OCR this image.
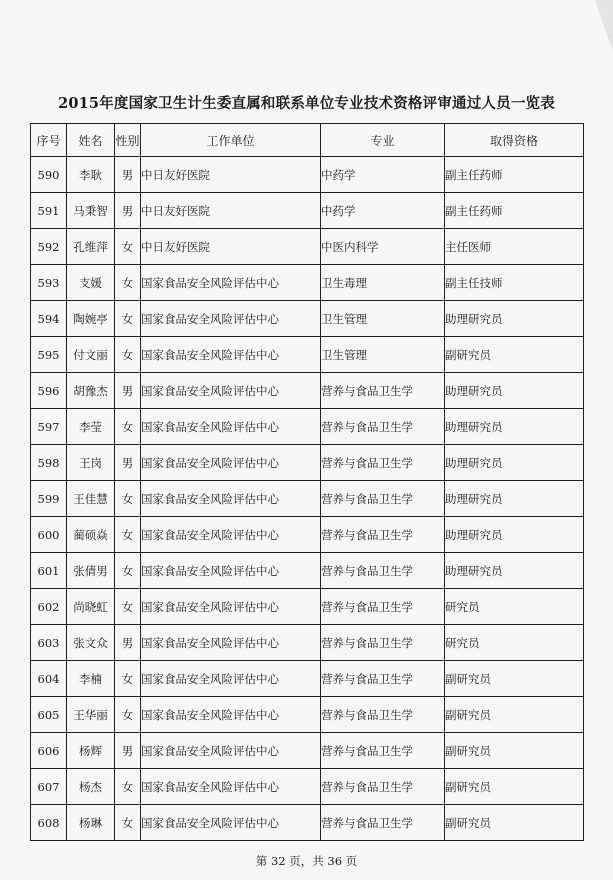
2015年度国家卫生计生委直属和联系单位专业技术资格评审通过人员一览表
序号	姓名	性别	工作单位	专业	取得资格
590	李耿	男	中日友好医院	中药学	副主任药师
591	马秉智	男	中日友好医院	中药学	副主任药师
592	孔维萍	女	中日友好医院	中医内科学	主任医师
593	支媛	女	国家食品安全风险评估中心	卫生毒理	副主任技师
594	陶婉亭	女	国家食品安全风险评估中心	卫生管理	助理研究员
595	付文丽	女	国家食品安全风险评估中心	卫生管理	副研究员
596	胡豫杰	男	国家食品安全风险评估中心	营养与食品卫生学	助理研究员
597	李莹	女	国家食品安全风险评估中心	营养与食品卫生学	助理研究员
598	王岗	男	国家食品安全风险评估中心	营养与食品卫生学	助理研究员
599	王佳慧	女	国家食品安全风险评估中心	营养与食品卫生学	助理研究员
600	蔺硕焱	女	国家食品安全风险评估中心	营养与食品卫生学	助理研究员
601	张倩男	女	国家食品安全风险评估中心	营养与食品卫生学	助理研究员
602	尚晓虹	女	国家食品安全风险评估中心	营养与食品卫生学	研究员
603	张文众	男	国家食品安全风险评估中心	营养与食品卫生学	研究员
604	李楠	女	国家食品安全风险评估中心	营养与食品卫生学	副研究员
605	王华丽	女	国家食品安全风险评估中心	营养与食品卫生学	副研究员
606	杨辉	男	国家食品安全风险评估中心	营养与食品卫生学	副研究员
607	杨杰	女	国家食品安全风险评估中心	营养与食品卫生学	副研究员
608	杨琳	女	国家食品安全风险评估中心	营养与食品卫生学	副研究员
第 32 页，共 36 页
